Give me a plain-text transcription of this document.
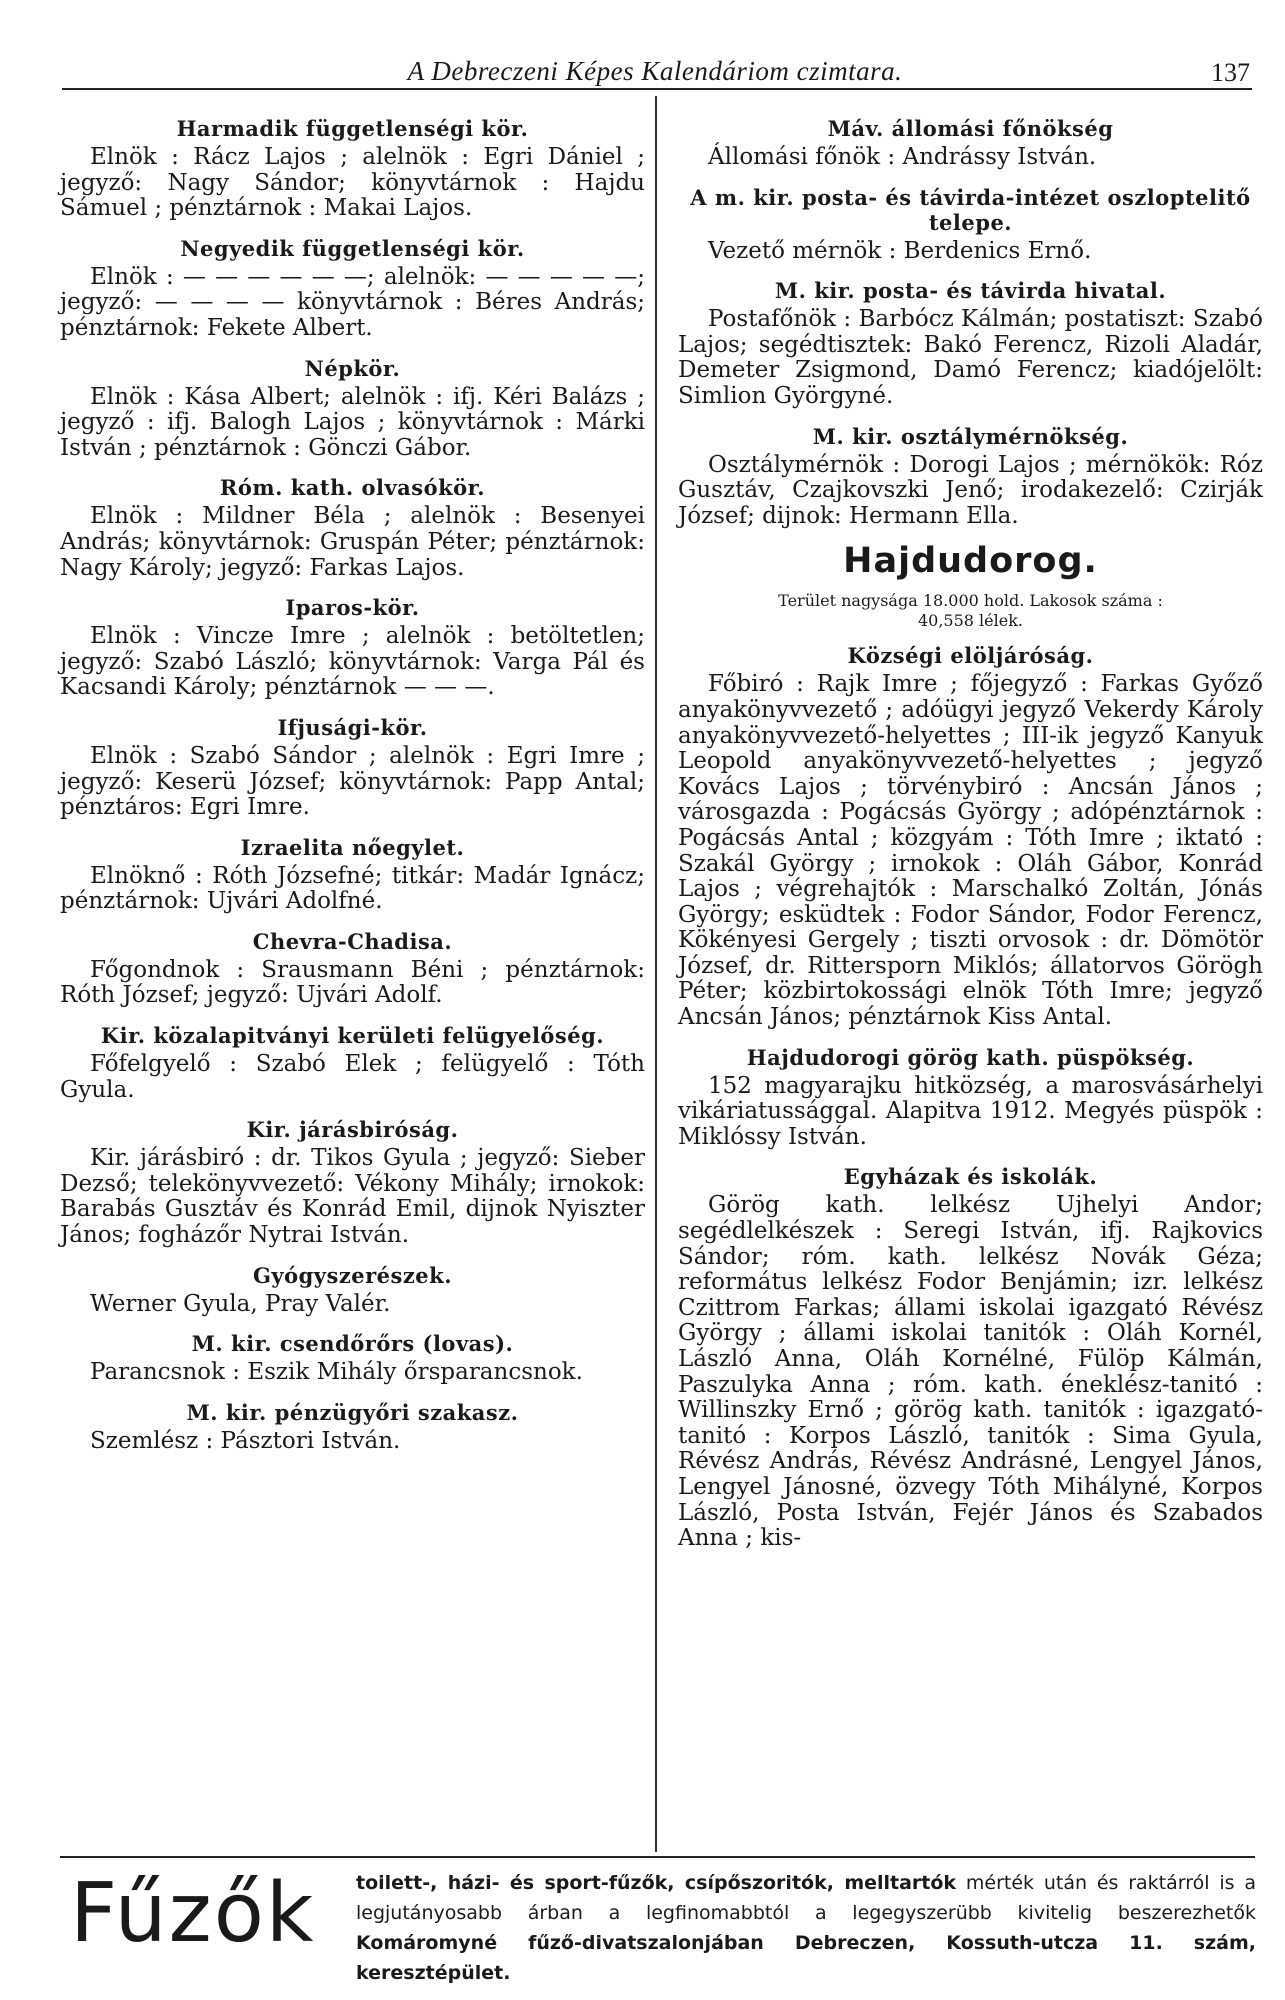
A Debreczeni Képes Kalendáriom czimtara.	137
Harmadik függetlenségi kör.

Elnök : Rácz Lajos ; alelnök : Egri Dániel ; jegyző: Nagy Sándor; könyvtárnok : Hajdu Sámuel ; pénztárnok : Makai Lajos.

Negyedik függetlenségi kör.

Elnök : — — — — — —; alelnök: — — — — —; jegyző: — — — — könyvtárnok : Béres András; pénztárnok: Fekete Albert.

Népkör.

Elnök : Kása Albert; alelnök : ifj. Kéri Balázs ; jegyző : ifj. Balogh Lajos ; könyvtárnok : Márki István ; pénztárnok : Gönczi Gábor.

Róm. kath. olvasókör.

Elnök : Mildner Béla ; alelnök : Besenyei András; könyvtárnok: Gruspán Péter; pénztárnok: Nagy Károly; jegyző: Farkas Lajos.

Iparos-kör.

Elnök : Vincze Imre ; alelnök : betöltetlen; jegyző: Szabó László; könyvtárnok: Varga Pál és Kacsandi Károly; pénztárnok — — —.

Ifjusági-kör.

Elnök : Szabó Sándor ; alelnök : Egri Imre ; jegyző: Keserü József; könyvtárnok: Papp Antal; pénztáros: Egri Imre.

Izraelita nőegylet.

Elnöknő : Róth Józsefné; titkár: Madár Ignácz; pénztárnok: Ujvári Adolfné.

Chevra-Chadisa.

Főgondnok : Srausmann Béni ; pénztárnok: Róth József; jegyző: Ujvári Adolf.

Kir. közalapitványi kerületi felügyelőség.

Főfelgyelő : Szabó Elek ; felügyelő : Tóth Gyula.

Kir. járásbiróság.

Kir. járásbiró : dr. Tikos Gyula ; jegyző: Sieber Dezső; telekönyvvezető: Vékony Mihály; irnokok: Barabás Gusztáv és Konrád Emil, dijnok Nyiszter János; fogházőr Nytrai István.

Gyógyszerészek.

Werner Gyula, Pray Valér.

M. kir. csendőrőrs (lovas).

Parancsnok : Eszik Mihály őrsparancsnok.

M. kir. pénzügyőri szakasz.

Szemlész : Pásztori István.

Máv. állomási főnökség

Állomási főnök : Andrássy István.

A m. kir. posta- és távirda-intézet oszloptelitő telepe.

Vezető mérnök : Berdenics Ernő.

M. kir. posta- és távirda hivatal.

Postafőnök : Barbócz Kálmán; postatiszt: Szabó Lajos; segédtisztek: Bakó Ferencz, Rizoli Aladár, Demeter Zsigmond, Damó Ferencz; kiadójelölt: Simlion Györgyné.

M. kir. osztálymérnökség.

Osztálymérnök : Dorogi Lajos ; mérnökök: Róz Gusztáv, Czajkovszki Jenő; irodakezelő: Czirják József; dijnok: Hermann Ella.

Hajdudorog.
Terület nagysága 18.000 hold. Lakosok száma :
40,558 lélek.
Községi elöljáróság.

Főbiró : Rajk Imre ; főjegyző : Farkas Győző anyakönyvvezető ; adóügyi jegyző Vekerdy Károly anyakönyvvezető-helyettes ; III-ik jegyző Kanyuk Leopold anyakönyvvezető-helyettes ; jegyző Kovács Lajos ; törvénybiró : Ancsán János ; városgazda : Pogácsás György ; adópénztárnok : Pogácsás Antal ; közgyám : Tóth Imre ; iktató : Szakál György ; irnokok : Oláh Gábor, Konrád Lajos ; végrehajtók : Marschalkó Zoltán, Jónás György; esküdtek : Fodor Sándor, Fodor Ferencz, Kökényesi Gergely ; tiszti orvosok : dr. Dömötör József, dr. Rittersporn Miklós; állatorvos Görögh Péter; közbirtokossági elnök Tóth Imre; jegyző Ancsán János; pénztárnok Kiss Antal.

Hajdudorogi görög kath. püspökség.

152 magyarajku hitközség, a marosvásárhelyi vikáriatussággal. Alapitva 1912. Megyés püspök : Miklóssy István.

Egyházak és iskolák.

Görög kath. lelkész Ujhelyi Andor; segédlelkészek : Seregi István, ifj. Rajkovics Sándor; róm. kath. lelkész Novák Géza; református lelkész Fodor Benjámin; izr. lelkész Czittrom Farkas; állami iskolai igazgató Révész György ; állami iskolai tanitók : Oláh Kornél, László Anna, Oláh Kornélné, Fülöp Kálmán, Paszulyka Anna ; róm. kath. éneklész-tanitó : Willinszky Ernő ; görög kath. tanitók : igazgató-tanitó : Korpos László, tanitók : Sima Gyula, Révész András, Révész Andrásné, Lengyel János, Lengyel Jánosné, özvegy Tóth Mihályné, Korpos László, Posta István, Fejér János és Szabados Anna ; kis-

Fűzők	toilett-, házi- és sport-fűzők, csípőszoritók, melltartók mérték után és raktárról is a legjutányosabb árban a legfinomabbtól a legegyszerübb kivitelig beszerezhetők Komáromyné fűző-divatszalonjában Debreczen, Kossuth-utcza 11. szám, keresztépület.
